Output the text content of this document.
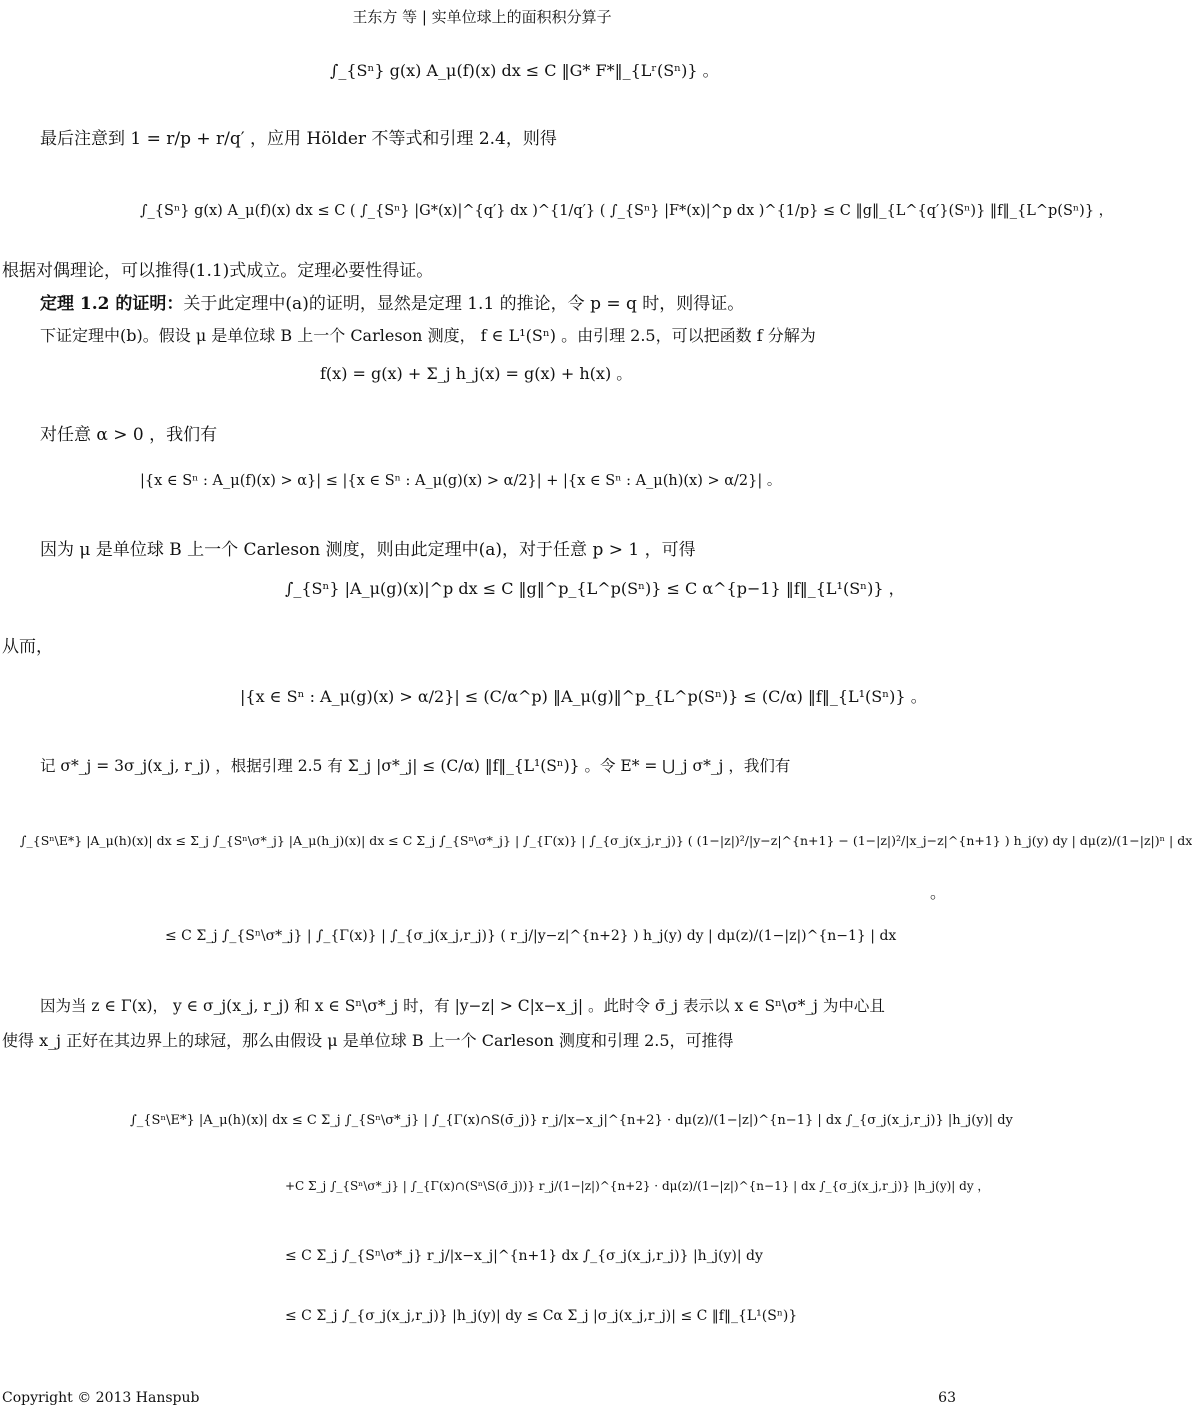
王东方 等 | 实单位球上的面积积分算子
∫_{Sⁿ} g(x) A_μ(f)(x) dx ≤ C ‖G* F*‖_{Lʳ(Sⁿ)} 。
最后注意到 1 = r/p + r/q′ ，应用 Hölder 不等式和引理 2.4，则得
∫_{Sⁿ} g(x) A_μ(f)(x) dx ≤ C ( ∫_{Sⁿ} |G*(x)|^{q′} dx )^{1/q′} ( ∫_{Sⁿ} |F*(x)|^p dx )^{1/p} ≤ C ‖g‖_{L^{q′}(Sⁿ)} ‖f‖_{L^p(Sⁿ)} ，
根据对偶理论，可以推得(1.1)式成立。定理必要性得证。
定理 1.2 的证明：关于此定理中(a)的证明，显然是定理 1.1 的推论，令 p = q 时，则得证。
下证定理中(b)。假设 μ 是单位球 B 上一个 Carleson 测度， f ∈ L¹(Sⁿ) 。由引理 2.5，可以把函数 f 分解为
f(x) = g(x) + Σ_j h_j(x) = g(x) + h(x) 。
对任意 α > 0 ，我们有
|{x ∈ Sⁿ : A_μ(f)(x) > α}| ≤ |{x ∈ Sⁿ : A_μ(g)(x) > α/2}| + |{x ∈ Sⁿ : A_μ(h)(x) > α/2}| 。
因为 μ 是单位球 B 上一个 Carleson 测度，则由此定理中(a)，对于任意 p > 1 ，可得
∫_{Sⁿ} |A_μ(g)(x)|^p dx ≤ C ‖g‖^p_{L^p(Sⁿ)} ≤ C α^{p−1} ‖f‖_{L¹(Sⁿ)} ，
从而，
|{x ∈ Sⁿ : A_μ(g)(x) > α/2}| ≤ (C/α^p) ‖A_μ(g)‖^p_{L^p(Sⁿ)} ≤ (C/α) ‖f‖_{L¹(Sⁿ)} 。
记 σ*_j = 3σ_j(x_j, r_j) ，根据引理 2.5 有 Σ_j |σ*_j| ≤ (C/α) ‖f‖_{L¹(Sⁿ)} 。令 E* = ⋃_j σ*_j ，我们有
∫_{Sⁿ\E*} |A_μ(h)(x)| dx ≤ Σ_j ∫_{Sⁿ\σ*_j} |A_μ(h_j)(x)| dx ≤ C Σ_j ∫_{Sⁿ\σ*_j} | ∫_{Γ(x)} | ∫_{σ_j(x_j,r_j)} ( (1−|z|)²/|y−z|^{n+1} − (1−|z|)²/|x_j−z|^{n+1} ) h_j(y) dy | dμ(z)/(1−|z|)ⁿ | dx
。
≤ C Σ_j ∫_{Sⁿ\σ*_j} | ∫_{Γ(x)} | ∫_{σ_j(x_j,r_j)} ( r_j/|y−z|^{n+2} ) h_j(y) dy | dμ(z)/(1−|z|)^{n−1} | dx
因为当 z ∈ Γ(x)， y ∈ σ_j(x_j, r_j) 和 x ∈ Sⁿ\σ*_j 时，有 |y−z| > C|x−x_j| 。此时令 σ̄_j 表示以 x ∈ Sⁿ\σ*_j 为中心且
使得 x_j 正好在其边界上的球冠，那么由假设 μ 是单位球 B 上一个 Carleson 测度和引理 2.5，可推得
∫_{Sⁿ\E*} |A_μ(h)(x)| dx ≤ C Σ_j ∫_{Sⁿ\σ*_j} | ∫_{Γ(x)∩S(σ̄_j)} r_j/|x−x_j|^{n+2} · dμ(z)/(1−|z|)^{n−1} | dx ∫_{σ_j(x_j,r_j)} |h_j(y)| dy
+C Σ_j ∫_{Sⁿ\σ*_j} | ∫_{Γ(x)∩(Sⁿ\S(σ̄_j))} r_j/(1−|z|)^{n+2} · dμ(z)/(1−|z|)^{n−1} | dx ∫_{σ_j(x_j,r_j)} |h_j(y)| dy ，
≤ C Σ_j ∫_{Sⁿ\σ*_j} r_j/|x−x_j|^{n+1} dx ∫_{σ_j(x_j,r_j)} |h_j(y)| dy
≤ C Σ_j ∫_{σ_j(x_j,r_j)} |h_j(y)| dy ≤ Cα Σ_j |σ_j(x_j,r_j)| ≤ C ‖f‖_{L¹(Sⁿ)}
Copyright © 2013 Hanspub	63
